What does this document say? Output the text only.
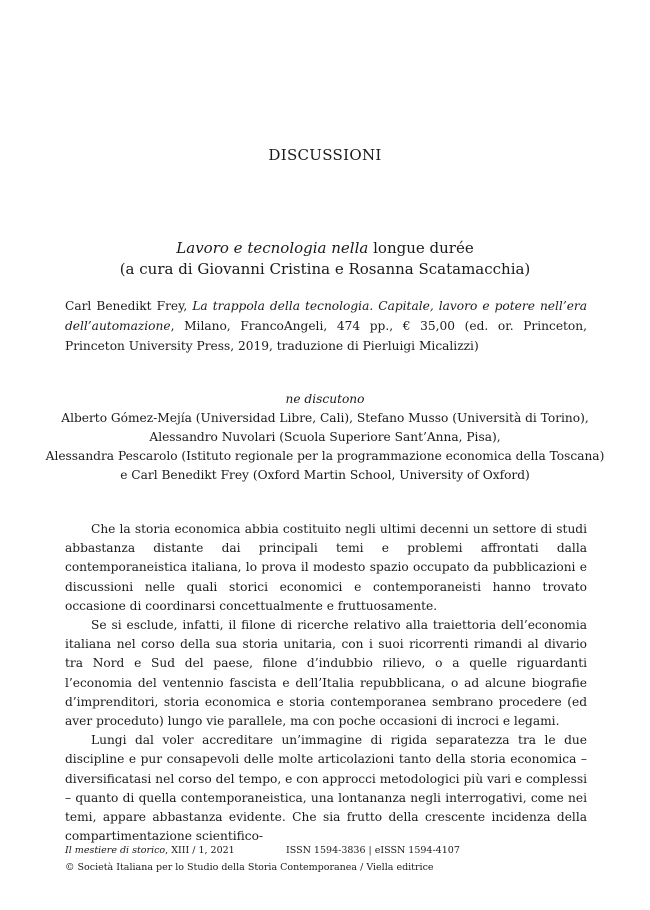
DISCUSSIONI
Lavoro e tecnologia nella longue durée
(a cura di Giovanni Cristina e Rosanna Scatamacchia)
Carl Benedikt Frey, La trappola della tecnologia. Capitale, lavoro e potere nell’era dell’automazione, Milano, FrancoAngeli, 474 pp., € 35,00 (ed. or. Princeton, Princeton University Press, 2019, traduzione di Pierluigi Micalizzi)
ne discutono
Alberto Gómez-Mejía (Universidad Libre, Cali), Stefano Musso (Università di Torino),
Alessandro Nuvolari (Scuola Superiore Sant’Anna, Pisa),
Alessandra Pescarolo (Istituto regionale per la programmazione economica della Toscana)
e Carl Benedikt Frey (Oxford Martin School, University of Oxford)

Che la storia economica abbia costituito negli ultimi decenni un settore di studi abbastanza distante dai principali temi e problemi affrontati dalla contemporaneistica italiana, lo prova il modesto spazio occupato da pubblicazioni e discussioni nelle quali storici economici e contemporaneisti hanno trovato occasione di coordinarsi concettualmente e fruttuosamente.

Se si esclude, infatti, il filone di ricerche relativo alla traiettoria dell’economia italiana nel corso della sua storia unitaria, con i suoi ricorrenti rimandi al divario tra Nord e Sud del paese, filone d’indubbio rilievo, o a quelle riguardanti l’economia del ventennio fascista e dell’Italia repubblicana, o ad alcune biografie d’imprenditori, storia economica e storia contemporanea sembrano procedere (ed aver proceduto) lungo vie parallele, ma con poche occasioni di incroci e legami.

Lungi dal voler accreditare un’immagine di rigida separatezza tra le due discipline e pur consapevoli delle molte articolazioni tanto della storia economica – diversificatasi nel corso del tempo, e con approcci metodologici più vari e complessi – quanto di quella contemporaneistica, una lontananza negli interrogativi, come nei temi, appare abbastanza evidente. Che sia frutto della crescente incidenza della compartimentazione scientifico-

Il mestiere di storico, XIII / 1, 2021	ISSN 1594-3836 | eISSN 1594-4107
© Società Italiana per lo Studio della Storia Contemporanea / Viella editrice
